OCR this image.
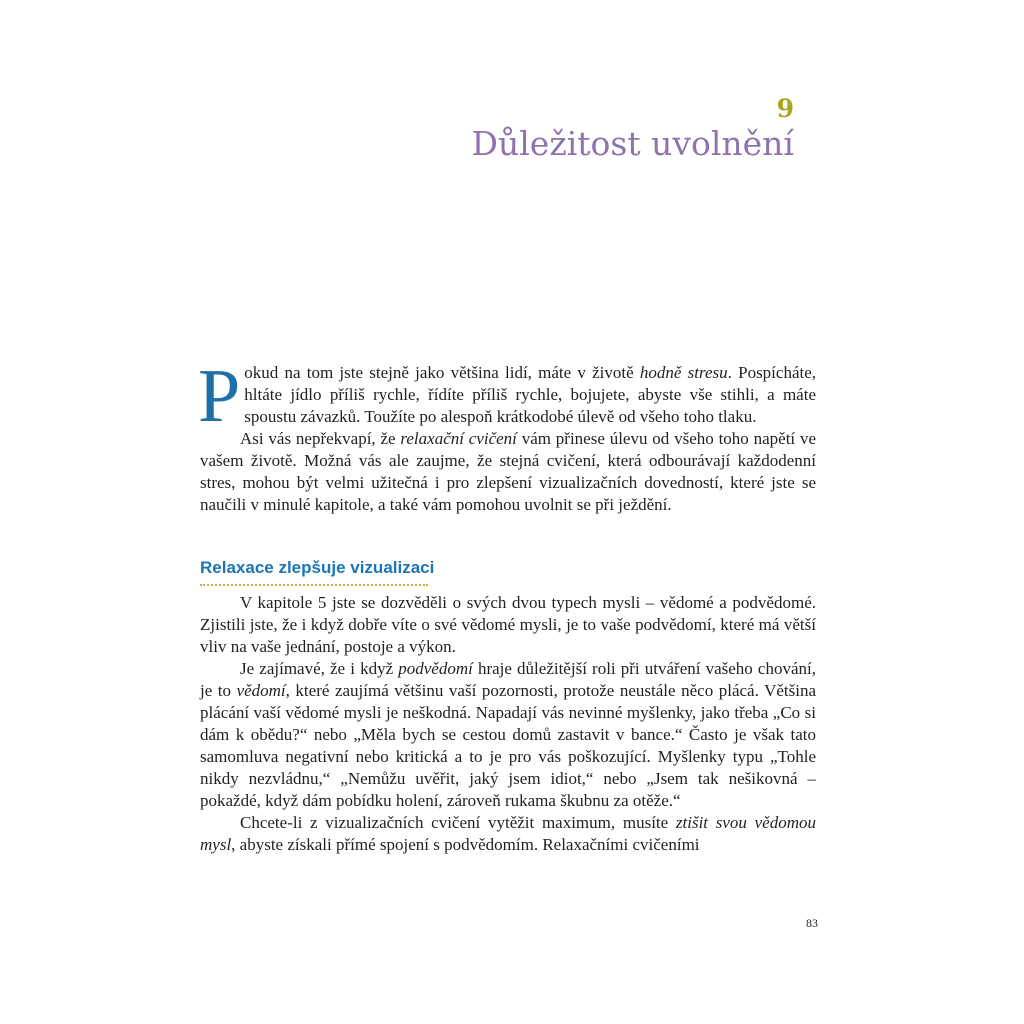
9
Důležitost uvolnění

Pokud na tom jste stejně jako většina lidí, máte v životě hodně stresu. Pospícháte, hltáte jídlo příliš rychle, řídíte příliš rychle, bojujete, abyste vše stihli, a máte spoustu závazků. Toužíte po alespoň krátkodobé úlevě od všeho toho tlaku.

Asi vás nepřekvapí, že relaxační cvičení vám přinese úlevu od všeho toho napětí ve vašem životě. Možná vás ale zaujme, že stejná cvičení, která odbourávají každodenní stres, mohou být velmi užitečná i pro zlepšení vizualizačních dovedností, které jste se naučili v minulé kapitole, a také vám pomohou uvolnit se při ježdění.

Relaxace zlepšuje vizualizaci

V kapitole 5 jste se dozvěděli o svých dvou typech mysli – vědomé a podvědomé. Zjistili jste, že i když dobře víte o své vědomé mysli, je to vaše podvědomí, které má větší vliv na vaše jednání, postoje a výkon.

Je zajímavé, že i když podvědomí hraje důležitější roli při utváření vašeho chování, je to vědomí, které zaujímá většinu vaší pozornosti, protože neustále něco plácá. Většina plácání vaší vědomé mysli je neškodná. Napadají vás nevinné myšlenky, jako třeba „Co si dám k obědu?“ nebo „Měla bych se cestou domů zastavit v bance.“ Často je však tato samomluva negativní nebo kritická a to je pro vás poškozující. Myšlenky typu „Tohle nikdy nezvládnu,“ „Nemůžu uvěřit, jaký jsem idiot,“ nebo „Jsem tak nešikovná – pokaždé, když dám pobídku holení, zároveň rukama škubnu za otěže.“

Chcete-li z vizualizačních cvičení vytěžit maximum, musíte ztišit svou vědomou mysl, abyste získali přímé spojení s podvědomím. Relaxačními cvičeními

83
